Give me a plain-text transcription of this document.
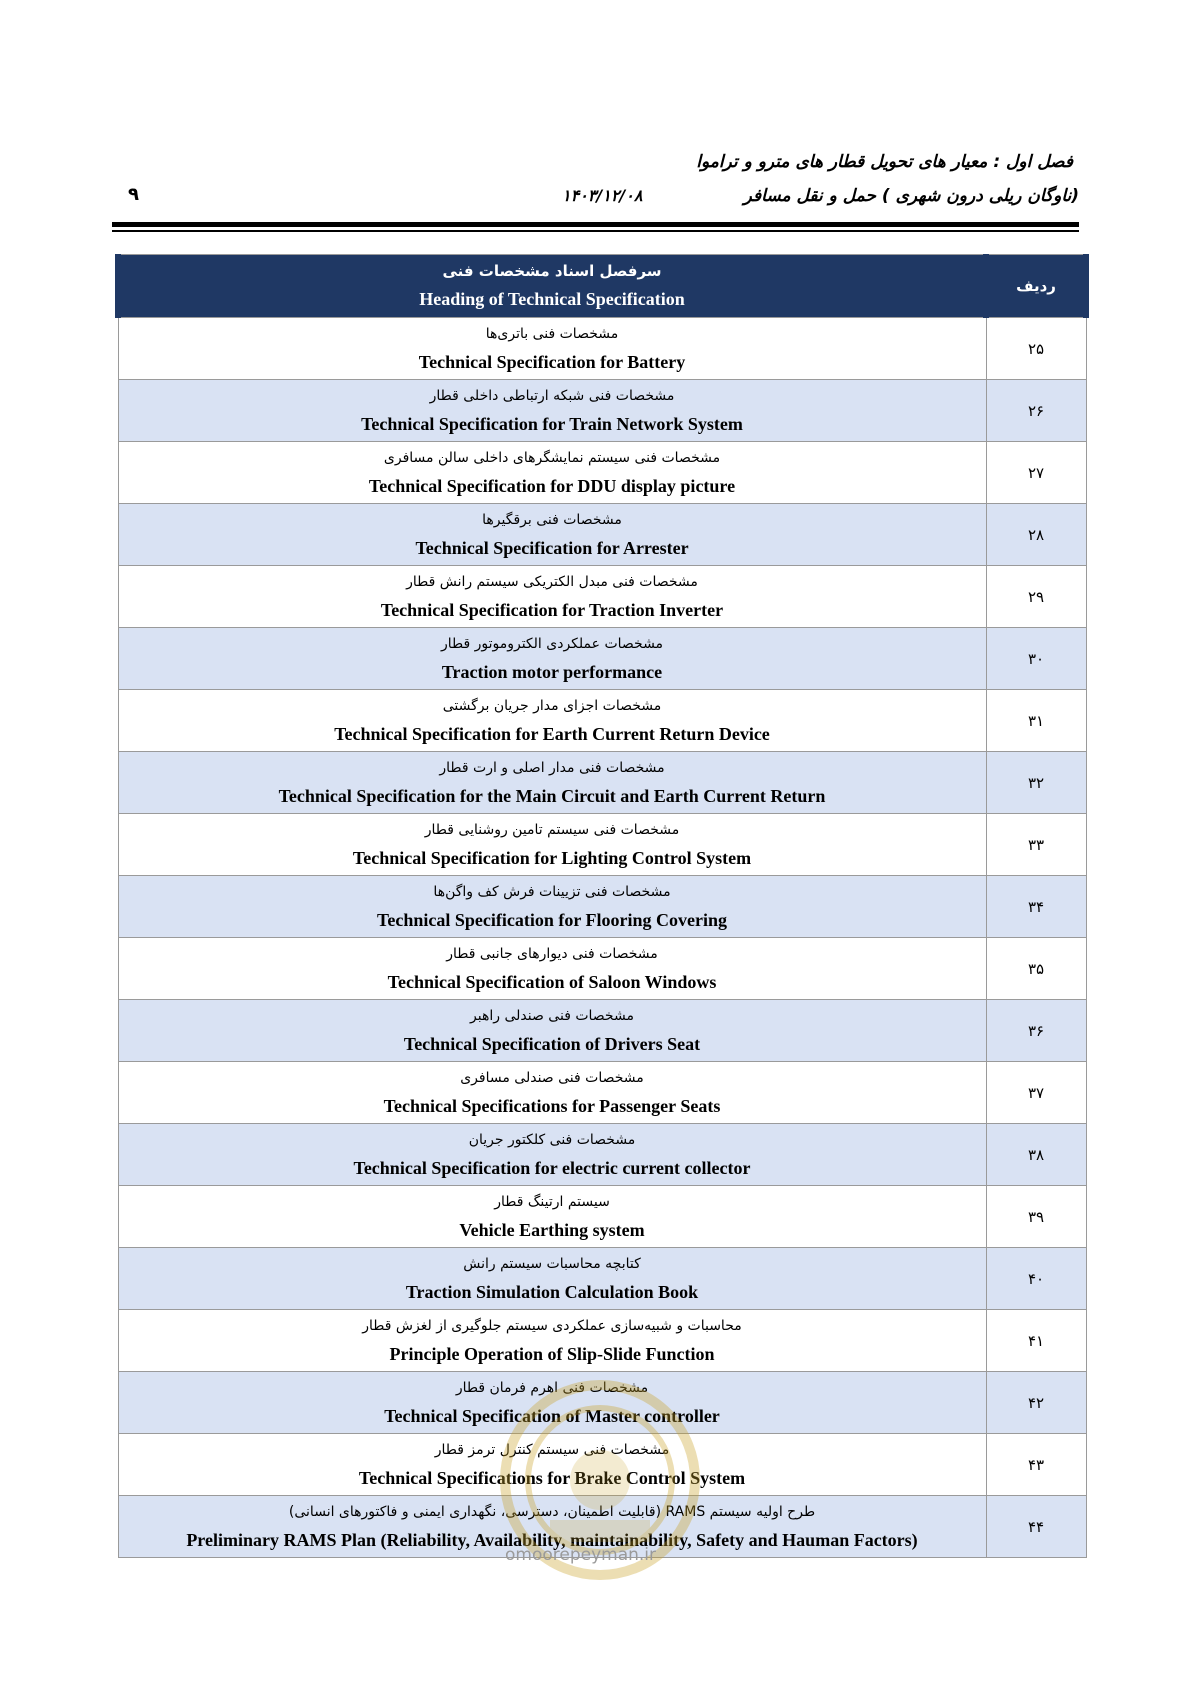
فصل اول : معیار های تحویل قطار های مترو و تراموا
(ناوگان ریلی درون شهری ) حمل و نقل مسافر
۱۴۰۳/۱۲/۰۸
۹
سرفصل اسناد مشخصات فنی
Heading of Technical Specification	ردیف

مشخصات فنی باتری‌ها
Technical Specification for Battery	۲۵

مشخصات فنی شبکه ارتباطی داخلی قطار
Technical Specification for Train Network System	۲۶

مشخصات فنی سیستم نمایشگرهای داخلی سالن مسافری
Technical Specification for DDU display picture	۲۷

مشخصات فنی برقگیرها
Technical Specification for Arrester	۲۸

مشخصات فنی مبدل الکتریکی سیستم رانش قطار
Technical Specification for Traction Inverter	۲۹

مشخصات عملکردی الکتروموتور قطار
Traction motor performance	۳۰

مشخصات اجزای مدار جریان برگشتی
Technical Specification for Earth Current Return Device	۳۱

مشخصات فنی مدار اصلی و ارت قطار
Technical Specification for the Main Circuit and Earth Current Return	۳۲

مشخصات فنی سیستم تامین روشنایی قطار
Technical Specification for Lighting Control System	۳۳

مشخصات فنی تزیینات فرش کف واگن‌ها
Technical Specification for Flooring Covering	۳۴

مشخصات فنی دیوارهای جانبی قطار
Technical Specification of Saloon Windows	۳۵

مشخصات فنی صندلی راهبر
Technical Specification of Drivers Seat	۳۶

مشخصات فنی صندلی مسافری
Technical Specifications for Passenger Seats	۳۷

مشخصات فنی کلکتور جریان
Technical Specification for electric current collector	۳۸

سیستم ارتینگ قطار
Vehicle Earthing system	۳۹

کتابچه محاسبات سیستم رانش
Traction Simulation Calculation Book	۴۰

محاسبات و شبیه‌سازی عملکردی سیستم جلوگیری از لغزش قطار
Principle Operation of Slip-Slide Function	۴۱

مشخصات فنی اهرم فرمان قطار
Technical Specification of Master controller	۴۲

مشخصات فنی سیستم کنترل ترمز قطار
Technical Specifications for Brake Control System	۴۳

طرح اولیه سیستم RAMS (قابلیت اطمینان، دسترسی، نگهداری ایمنی و فاکتورهای انسانی)
Preliminary RAMS Plan (Reliability, Availability, maintainability, Safety and Hauman Factors)	۴۴
omoorepeyman.ir
